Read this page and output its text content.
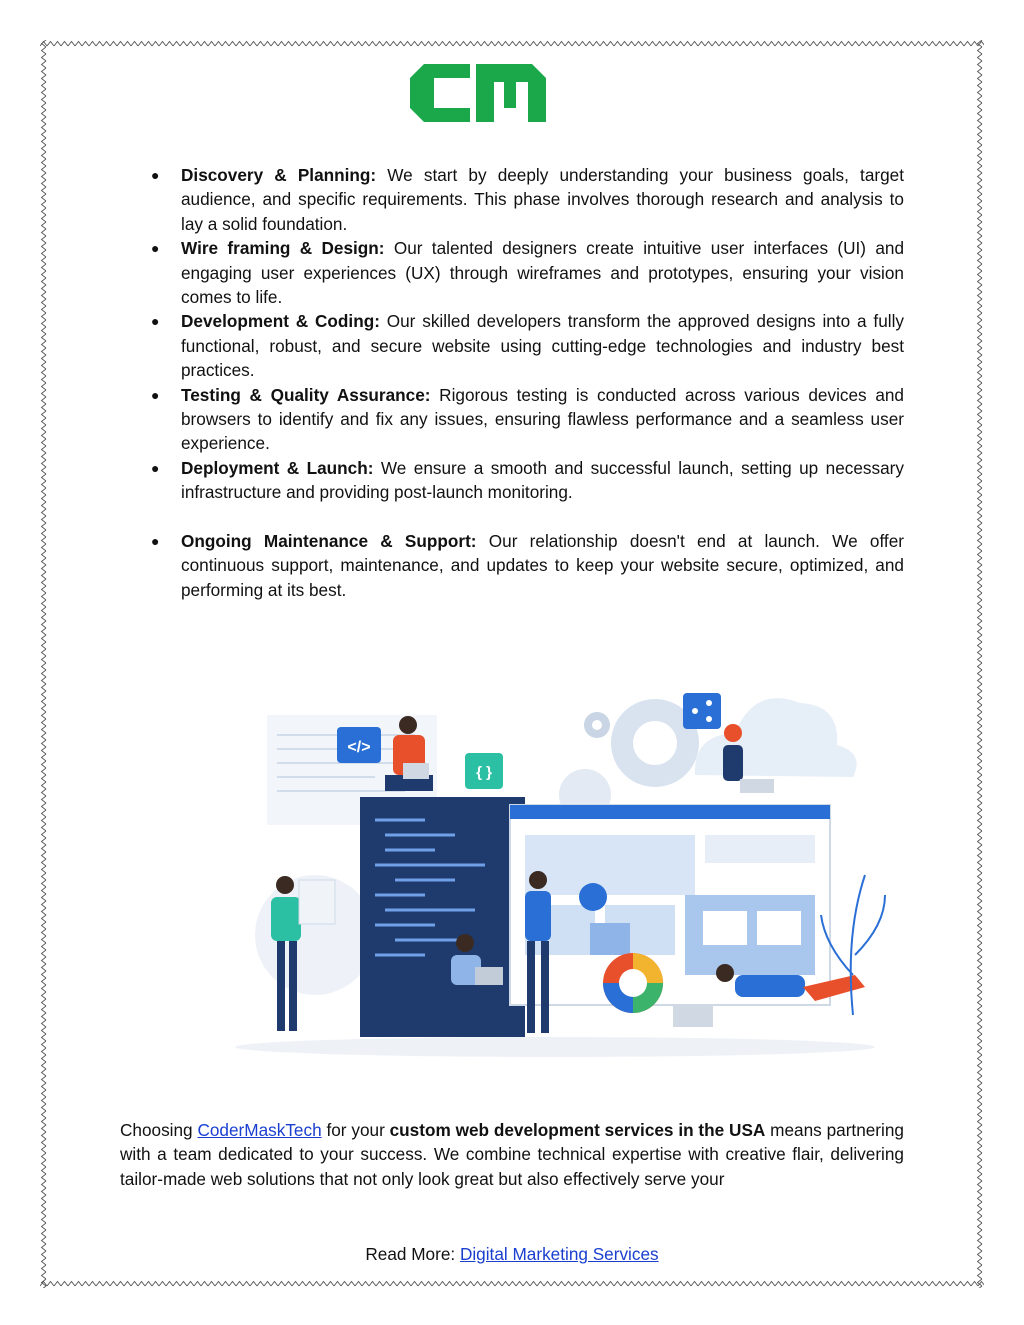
● Discovery & Planning: We start by deeply understanding your business goals, target audience, and specific requirements. This phase involves thorough research and analysis to lay a solid foundation.
● Wire framing & Design: Our talented designers create intuitive user interfaces (UI) and engaging user experiences (UX) through wireframes and prototypes, ensuring your vision comes to life.
● Development & Coding: Our skilled developers transform the approved designs into a fully functional, robust, and secure website using cutting-edge technologies and industry best practices.
● Testing & Quality Assurance: Rigorous testing is conducted across various devices and browsers to identify and fix any issues, ensuring flawless performance and a seamless user experience.
● Deployment & Launch: We ensure a smooth and successful launch, setting up necessary infrastructure and providing post-launch monitoring.
● Ongoing Maintenance & Support: Our relationship doesn't end at launch. We offer continuous support, maintenance, and updates to keep your website secure, optimized, and performing at its best.
</>
{ }

Choosing CoderMaskTech for your custom web development services in the USA means partnering with a team dedicated to your success. We combine technical expertise with creative flair, delivering tailor-made web solutions that not only look great but also effectively serve your

Read More: Digital Marketing Services
